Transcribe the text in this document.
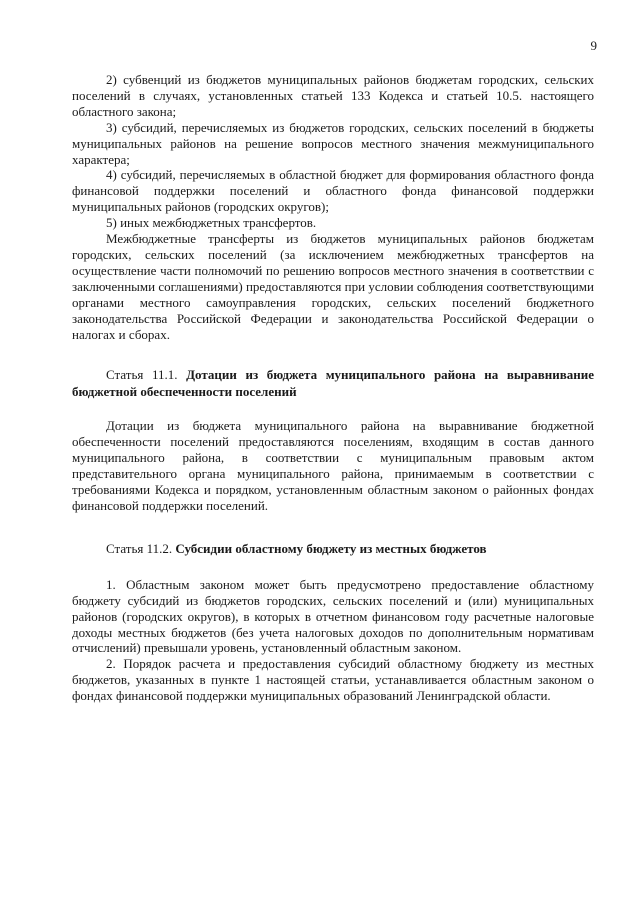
9

2) субвенций из бюджетов муниципальных районов бюджетам городских, сельских поселений в случаях, установленных статьей 133 Кодекса и статьей 10.5. настоящего областного закона;

3) субсидий, перечисляемых из бюджетов городских, сельских поселений в бюджеты муниципальных районов на решение вопросов местного значения межмуниципального характера;

4) субсидий, перечисляемых в областной бюджет для формирования областного фонда финансовой поддержки поселений и областного фонда финансовой поддержки муниципальных районов (городских округов);

5) иных межбюджетных трансфертов.

Межбюджетные трансферты из бюджетов муниципальных районов бюджетам городских, сельских поселений (за исключением межбюджетных трансфертов на осуществление части полномочий по решению вопросов местного значения в соответствии с заключенными соглашениями) предоставляются при условии соблюдения соответствующими органами местного самоуправления городских, сельских поселений бюджетного законодательства Российской Федерации и законодательства Российской Федерации о налогах и сборах.

Статья 11.1. Дотации из бюджета муниципального района на выравнивание бюджетной обеспеченности поселений

Дотации из бюджета муниципального района на выравнивание бюджетной обеспеченности поселений предоставляются поселениям, входящим в состав данного муниципального района, в соответствии с муниципальным правовым актом представительного органа муниципального района, принимаемым в соответствии с требованиями Кодекса и порядком, установленным областным законом о районных фондах финансовой поддержки поселений.

Статья 11.2. Субсидии областному бюджету из местных бюджетов

1. Областным законом может быть предусмотрено предоставление областному бюджету субсидий из бюджетов городских, сельских поселений и (или) муниципальных районов (городских округов), в которых в отчетном финансовом году расчетные налоговые доходы местных бюджетов (без учета налоговых доходов по дополнительным нормативам отчислений) превышали уровень, установленный областным законом.

2. Порядок расчета и предоставления субсидий областному бюджету из местных бюджетов, указанных в пункте 1 настоящей статьи, устанавливается областным законом о фондах финансовой поддержки муниципальных образований Ленинградской области.
